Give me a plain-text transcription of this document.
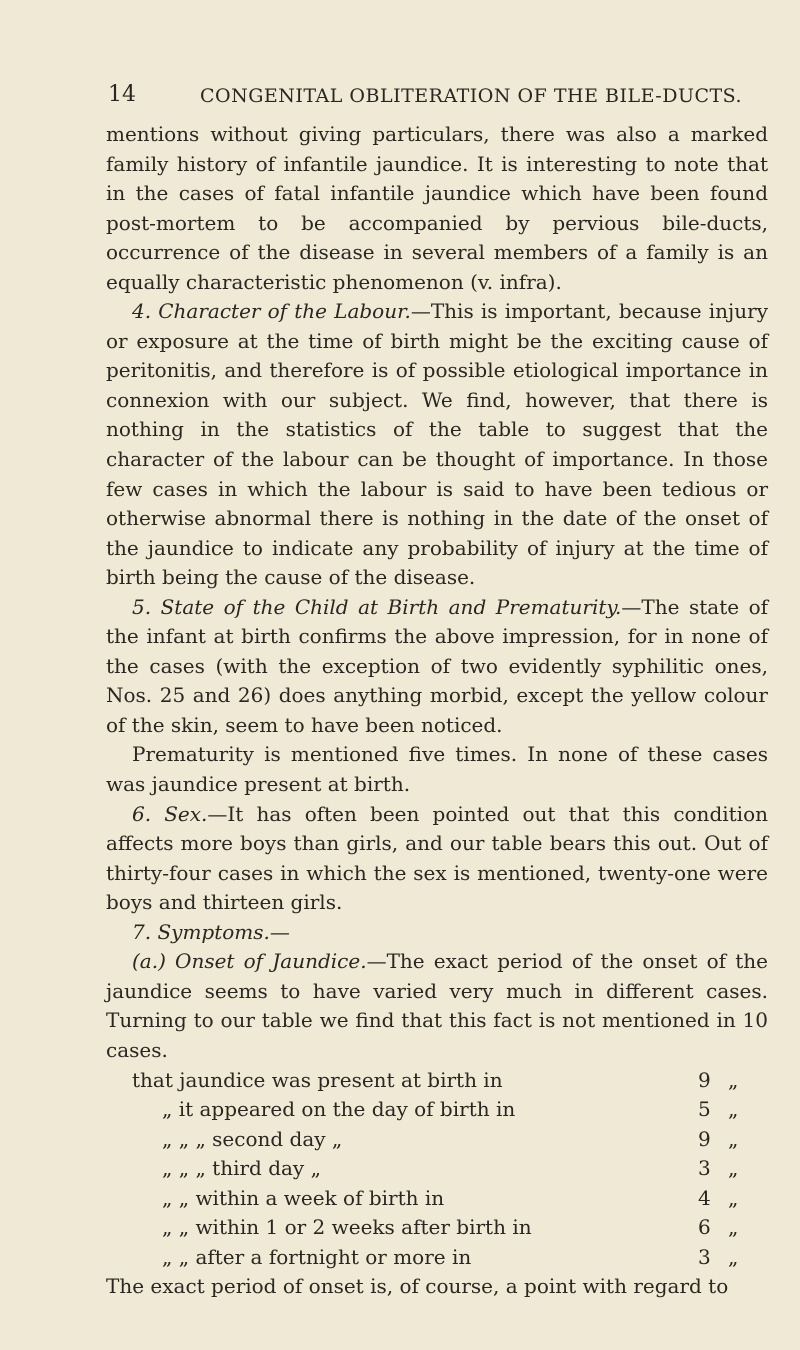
14	CONGENITAL OBLITERATION OF THE BILE-DUCTS.

mentions without giving particulars, there was also a marked family history of infantile jaundice. It is interesting to note that in the cases of fatal infantile jaundice which have been found post-mortem to be accompanied by pervious bile-ducts, occurrence of the disease in several members of a family is an equally characteristic phenomenon (v. infra).

4. Character of the Labour.—This is important, because injury or exposure at the time of birth might be the exciting cause of peritonitis, and therefore is of possible etiological importance in connexion with our subject. We find, however, that there is nothing in the statistics of the table to suggest that the character of the labour can be thought of importance. In those few cases in which the labour is said to have been tedious or otherwise abnormal there is nothing in the date of the onset of the jaundice to indicate any probability of injury at the time of birth being the cause of the disease.

5. State of the Child at Birth and Prematurity.—The state of the infant at birth confirms the above impression, for in none of the cases (with the exception of two evidently syphilitic ones, Nos. 25 and 26) does anything morbid, except the yellow colour of the skin, seem to have been noticed.

Prematurity is mentioned five times. In none of these cases was jaundice present at birth.

6. Sex.—It has often been pointed out that this condition affects more boys than girls, and our table bears this out. Out of thirty-four cases in which the sex is mentioned, twenty-one were boys and thirteen girls.

7. Symptoms.—

(a.) Onset of Jaundice.—The exact period of the onset of the jaundice seems to have varied very much in different cases. Turning to our table we find that this fact is not mentioned in 10 cases.

that jaundice was present at birth in	9 „
„ it appeared on the day of birth in	5 „
„ „ „ second day „	9 „
„ „ „ third day „	3 „
„ „ within a week of birth in	4 „
„ „ within 1 or 2 weeks after birth in	6 „
„ „ after a fortnight or more in	3 „

The exact period of onset is, of course, a point with regard to
